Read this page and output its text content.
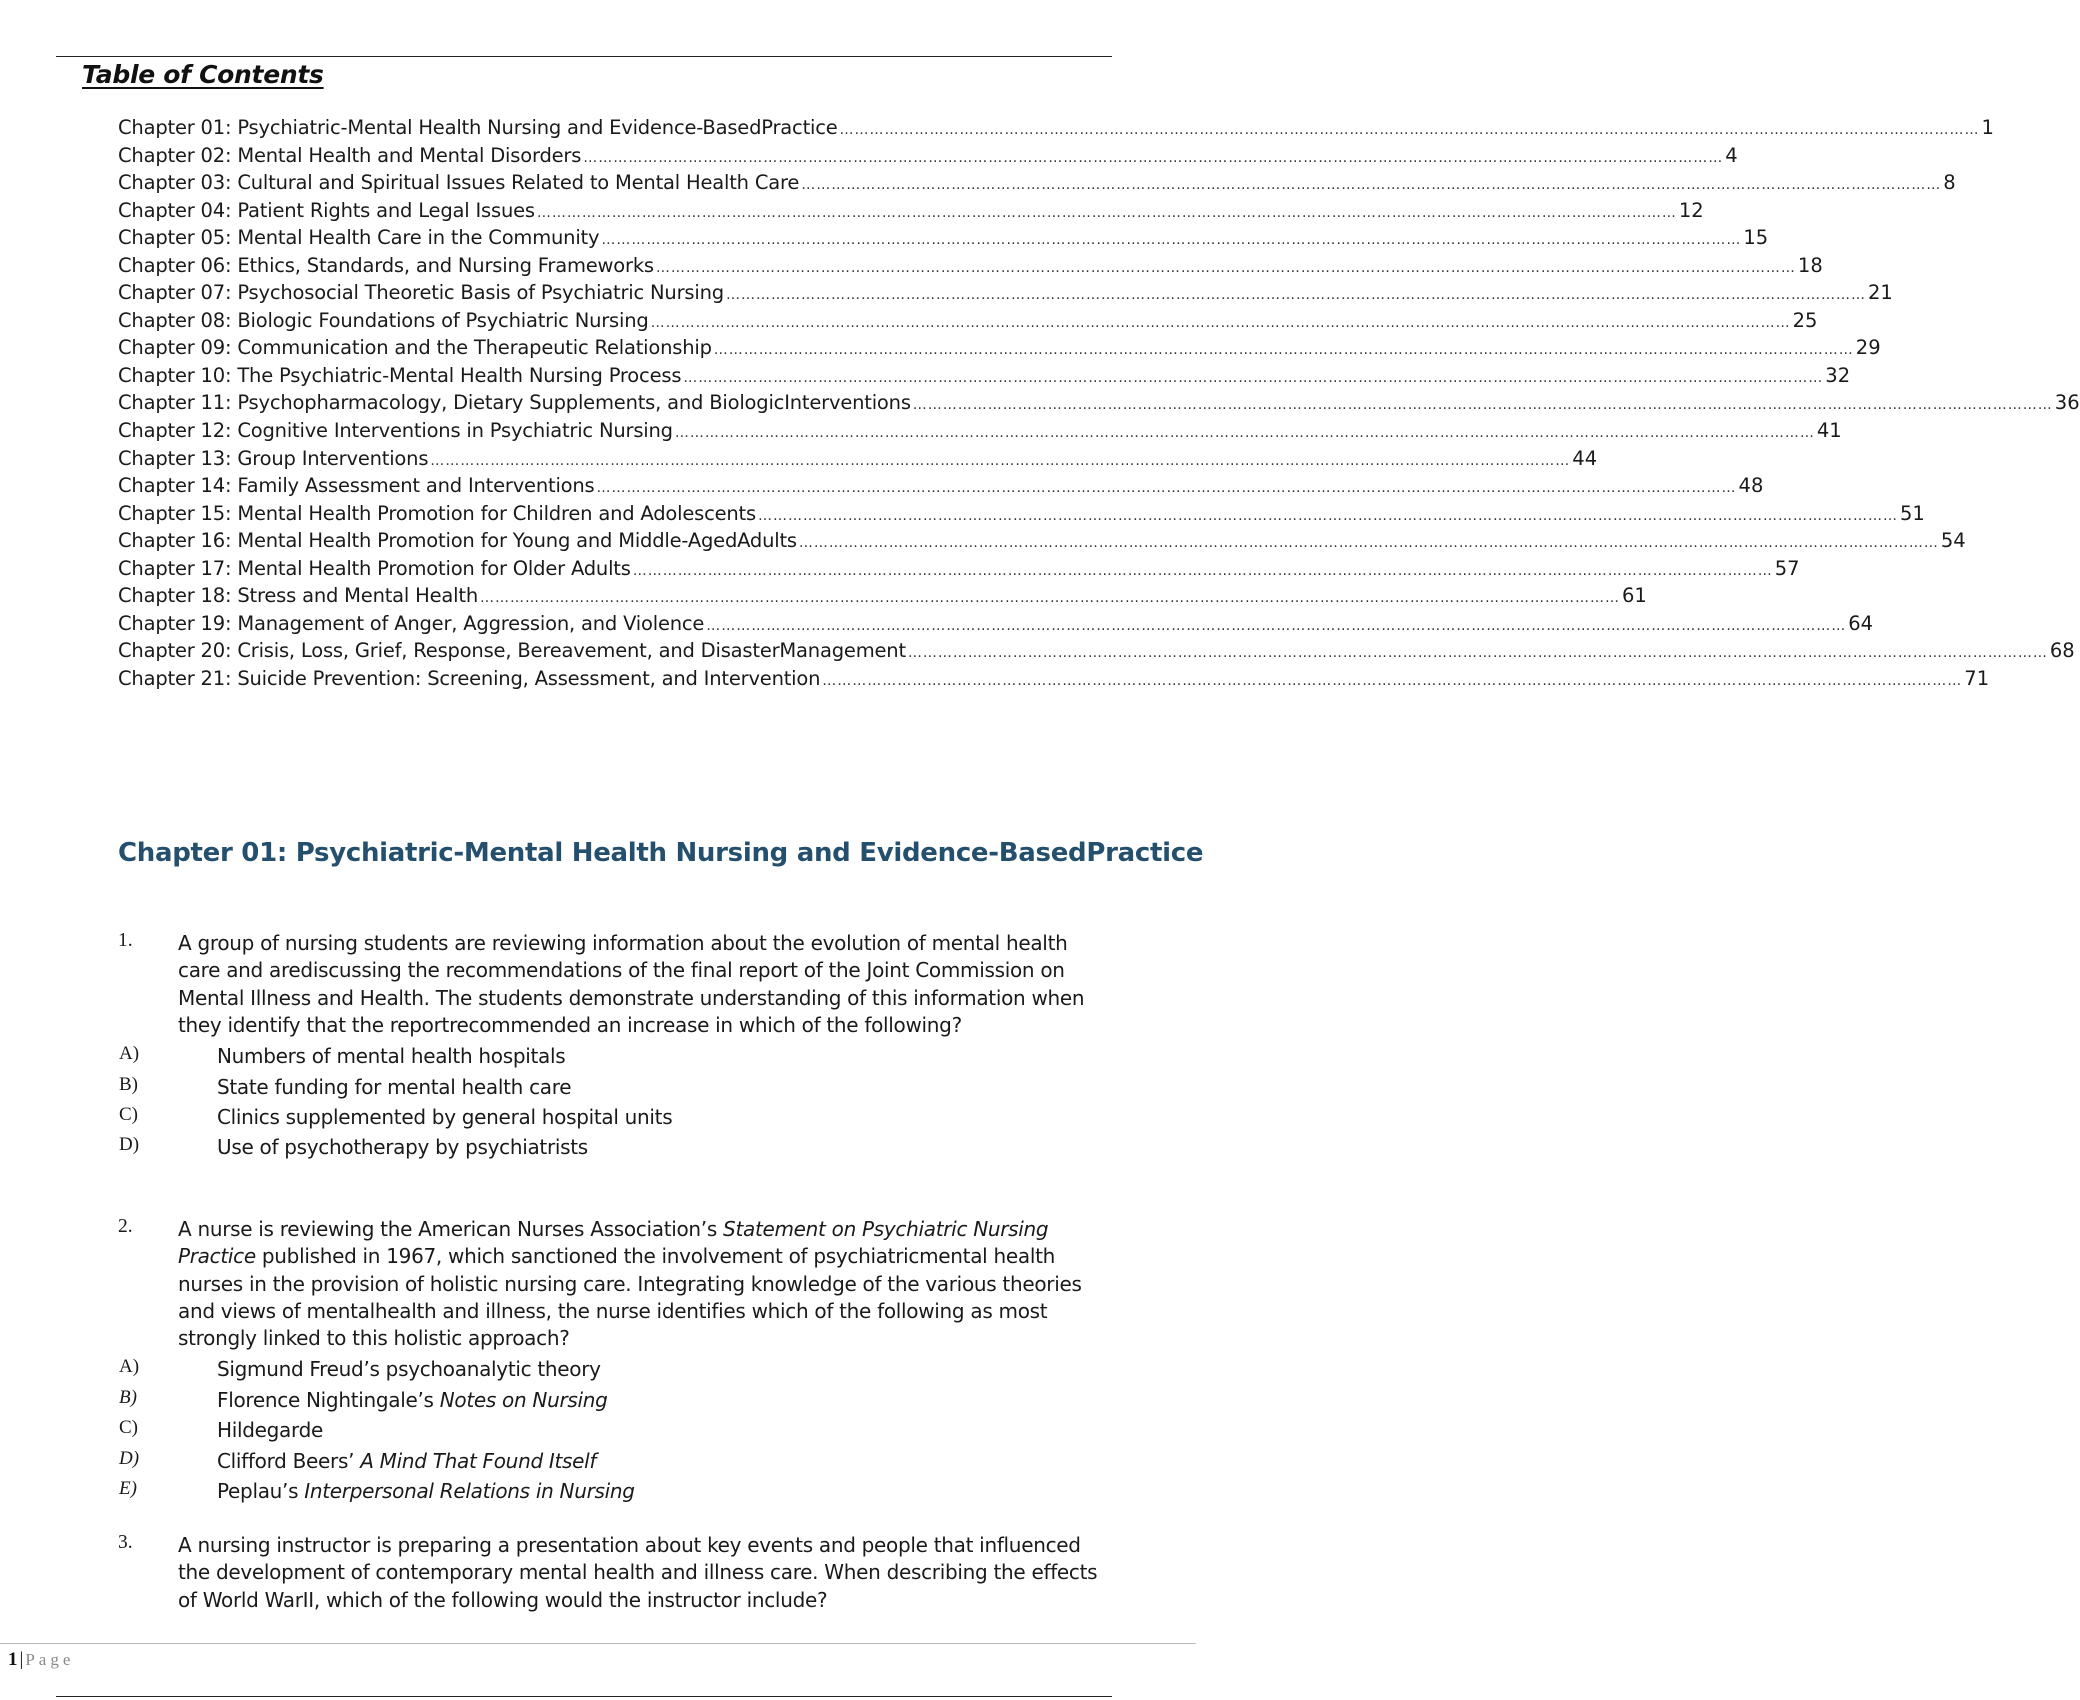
Table of Contents
Chapter 01: Psychiatric-Mental Health Nursing and Evidence-BasedPractice ………………………………………………………………………………………………………………………………………………………………………………………………………… 1
Chapter 02: Mental Health and Mental Disorders ………………………………………………………………………………………………………………………………………………………………………………………………………… 4
Chapter 03: Cultural and Spiritual Issues Related to Mental Health Care ………………………………………………………………………………………………………………………………………………………………………………………………………… 8
Chapter 04: Patient Rights and Legal Issues ………………………………………………………………………………………………………………………………………………………………………………………………………… 12
Chapter 05: Mental Health Care in the Community ………………………………………………………………………………………………………………………………………………………………………………………………………… 15
Chapter 06: Ethics, Standards, and Nursing Frameworks ………………………………………………………………………………………………………………………………………………………………………………………………………… 18
Chapter 07: Psychosocial Theoretic Basis of Psychiatric Nursing ………………………………………………………………………………………………………………………………………………………………………………………………………… 21
Chapter 08: Biologic Foundations of Psychiatric Nursing ………………………………………………………………………………………………………………………………………………………………………………………………………… 25
Chapter 09: Communication and the Therapeutic Relationship ………………………………………………………………………………………………………………………………………………………………………………………………………… 29
Chapter 10: The Psychiatric-Mental Health Nursing Process ………………………………………………………………………………………………………………………………………………………………………………………………………… 32
Chapter 11: Psychopharmacology, Dietary Supplements, and BiologicInterventions ………………………………………………………………………………………………………………………………………………………………………………………………………… 36
Chapter 12: Cognitive Interventions in Psychiatric Nursing ………………………………………………………………………………………………………………………………………………………………………………………………………… 41
Chapter 13: Group Interventions ………………………………………………………………………………………………………………………………………………………………………………………………………… 44
Chapter 14: Family Assessment and Interventions ………………………………………………………………………………………………………………………………………………………………………………………………………… 48
Chapter 15: Mental Health Promotion for Children and Adolescents ………………………………………………………………………………………………………………………………………………………………………………………………………… 51
Chapter 16: Mental Health Promotion for Young and Middle-AgedAdults ………………………………………………………………………………………………………………………………………………………………………………………………………… 54
Chapter 17: Mental Health Promotion for Older Adults ………………………………………………………………………………………………………………………………………………………………………………………………………… 57
Chapter 18: Stress and Mental Health ………………………………………………………………………………………………………………………………………………………………………………………………………… 61
Chapter 19: Management of Anger, Aggression, and Violence ………………………………………………………………………………………………………………………………………………………………………………………………………… 64
Chapter 20: Crisis, Loss, Grief, Response, Bereavement, and DisasterManagement ………………………………………………………………………………………………………………………………………………………………………………………………………… 68
Chapter 21: Suicide Prevention: Screening, Assessment, and Intervention ………………………………………………………………………………………………………………………………………………………………………………………………………… 71
Chapter 01: Psychiatric-Mental Health Nursing and Evidence-BasedPractice
1. A group of nursing students are reviewing information about the evolution of mental health care and arediscussing the recommendations of the final report of the Joint Commission on Mental Illness and Health. The students demonstrate understanding of this information when they identify that the reportrecommended an increase in which of the following?
A)	Numbers of mental health hospitals
B)	State funding for mental health care
C)	Clinics supplemented by general hospital units
D)	Use of psychotherapy by psychiatrists
2. A nurse is reviewing the American Nurses Association’s Statement on Psychiatric Nursing Practice published in 1967, which sanctioned the involvement of psychiatricmental health nurses in the provision of holistic nursing care. Integrating knowledge of the various theories and views of mentalhealth and illness, the nurse identifies which of the following as most strongly linked to this holistic approach?
A)	Sigmund Freud’s psychoanalytic theory
B)	Florence Nightingale’s Notes on Nursing
C)	Hildegarde
D)	Clifford Beers’ A Mind That Found Itself
E)	Peplau’s Interpersonal Relations in Nursing
3. A nursing instructor is preparing a presentation about key events and people that influenced the development of contemporary mental health and illness care. When describing the effects of World WarII, which of the following would the instructor include?
1 | Page
